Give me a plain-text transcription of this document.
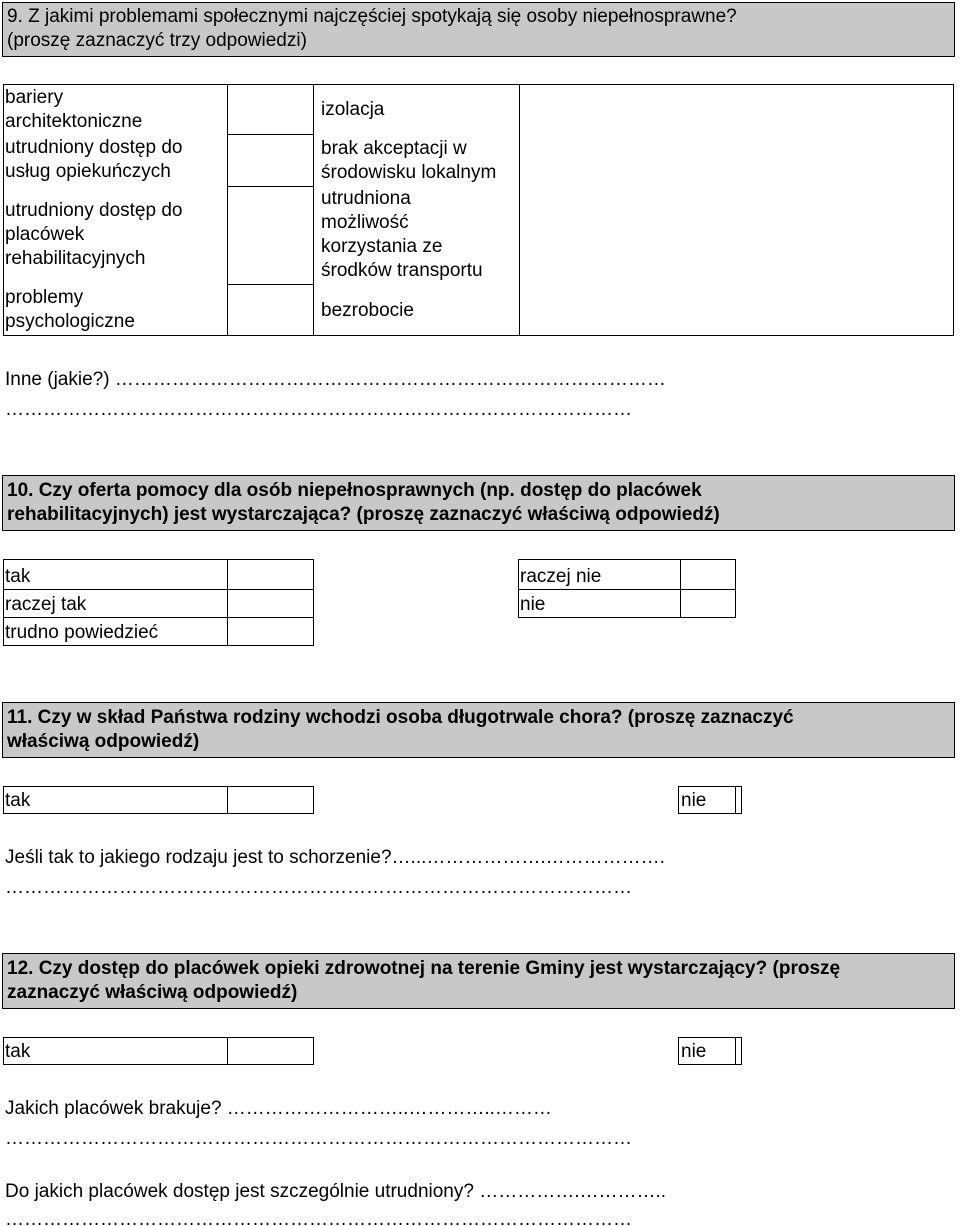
9. Z jakimi problemami społecznymi najczęściej spotykają się osoby niepełnosprawne?
(proszę zaznaczyć trzy odpowiedzi)
bariery
architektoniczne
utrudniony dostęp do
usług opiekuńczych
utrudniony dostęp do
placówek
rehabilitacyjnych
problemy
psychologiczne
izolacja
brak akceptacji w
środowisku lokalnym
utrudniona
możliwość
korzystania ze
środków transportu
bezrobocie
Inne (jakie?) ……………………………………………………………………………
………………………………………………………………………………………
10. Czy oferta pomocy dla osób niepełnosprawnych (np. dostęp do placówek
rehabilitacyjnych) jest wystarczająca? (proszę zaznaczyć właściwą odpowiedź)
tak
raczej tak
trudno powiedzieć
raczej nie
nie
11. Czy w skład Państwa rodziny wchodzi osoba długotrwale chora? (proszę zaznaczyć
właściwą odpowiedź)
tak	nie
Jeśli tak to jakiego rodzaju jest to schorzenie?…...……………….……………….
………………………………………………………………………………………
12. Czy dostęp do placówek opieki zdrowotnej na terenie Gminy jest wystarczający? (proszę
zaznaczyć właściwą odpowiedź)
tak	nie
Jakich placówek brakuje? ………………………..…………..………
………………………………………………………………………………………
Do jakich placówek dostęp jest szczególnie utrudniony? …………….…………..
………………………………………………………………………………………
